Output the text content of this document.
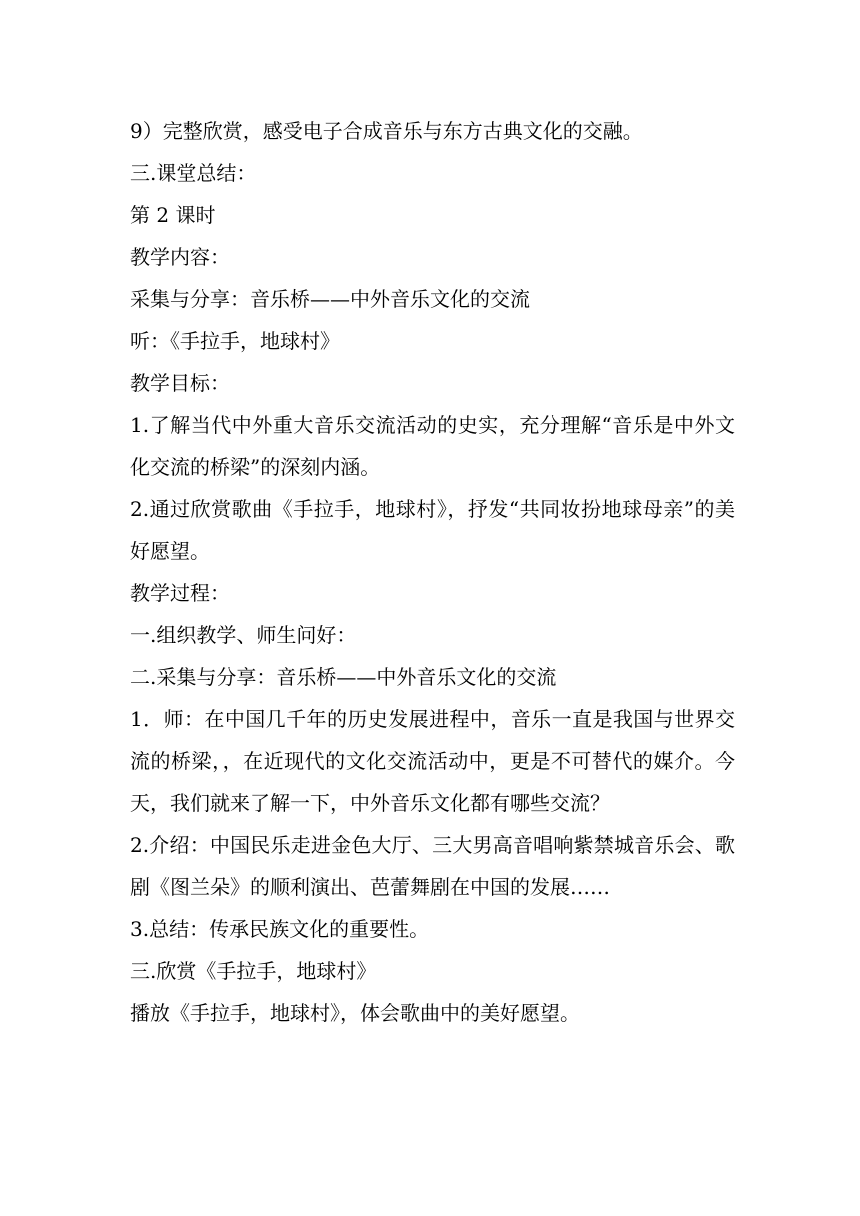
9）完整欣赏，感受电子合成音乐与东方古典文化的交融。

三.课堂总结：

第 2 课时

教学内容：

采集与分享：音乐桥——中外音乐文化的交流

听：《手拉手，地球村》

教学目标：

1.了解当代中外重大音乐交流活动的史实，充分理解“音乐是中外文化交流的桥梁”的深刻内涵。

2.通过欣赏歌曲《手拉手，地球村》，抒发“共同妆扮地球母亲”的美好愿望。

教学过程：

一.组织教学、师生问好：

二.采集与分享：音乐桥——中外音乐文化的交流

1．师：在中国几千年的历史发展进程中，音乐一直是我国与世界交流的桥梁，，在近现代的文化交流活动中，更是不可替代的媒介。今天，我们就来了解一下，中外音乐文化都有哪些交流？

2.介绍：中国民乐走进金色大厅、三大男高音唱响紫禁城音乐会、歌剧《图兰朵》的顺利演出、芭蕾舞剧在中国的发展……

3.总结：传承民族文化的重要性。

三.欣赏《手拉手，地球村》

播放《手拉手，地球村》，体会歌曲中的美好愿望。
